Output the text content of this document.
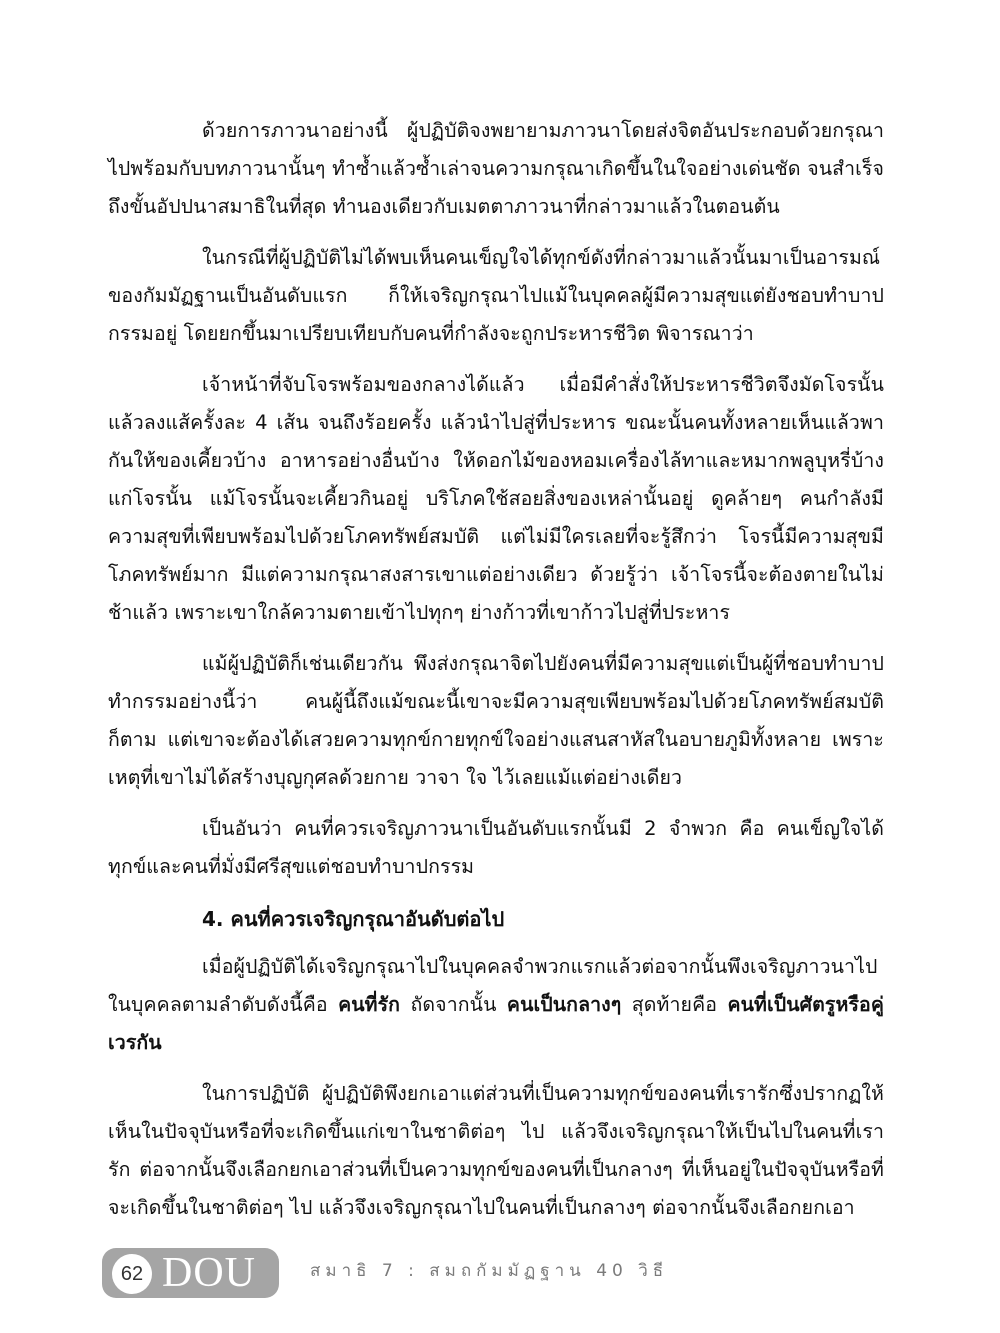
ด้วยการภาวนาอย่างนี้ ผู้ปฏิบัติจงพยายามภาวนาโดยส่งจิตอันประกอบด้วยกรุณาไปพร้อมกับบทภาวนานั้นๆ ทำซ้ำแล้วซ้ำเล่าจนความกรุณาเกิดขึ้นในใจอย่างเด่นชัด จนสำเร็จถึงขั้นอัปปนาสมาธิในที่สุด ทำนองเดียวกับเมตตาภาวนาที่กล่าวมาแล้วในตอนต้น

ในกรณีที่ผู้ปฏิบัติไม่ได้พบเห็นคนเข็ญใจได้ทุกข์ดังที่กล่าวมาแล้วนั้นมาเป็นอารมณ์ของกัมมัฏฐานเป็นอันดับแรก ก็ให้เจริญกรุณาไปแม้ในบุคคลผู้มีความสุขแต่ยังชอบทำบาปกรรมอยู่ โดยยกขึ้นมาเปรียบเทียบกับคนที่กำลังจะถูกประหารชีวิต พิจารณาว่า

เจ้าหน้าที่จับโจรพร้อมของกลางได้แล้ว เมื่อมีคำสั่งให้ประหารชีวิตจึงมัดโจรนั้นแล้วลงแส้ครั้งละ 4 เส้น จนถึงร้อยครั้ง แล้วนำไปสู่ที่ประหาร ขณะนั้นคนทั้งหลายเห็นแล้วพากันให้ของเคี้ยวบ้าง อาหารอย่างอื่นบ้าง ให้ดอกไม้ของหอมเครื่องไล้ทาและหมากพลูบุหรี่บ้างแก่โจรนั้น แม้โจรนั้นจะเคี้ยวกินอยู่ บริโภคใช้สอยสิ่งของเหล่านั้นอยู่ ดูคล้ายๆ คนกำลังมีความสุขที่เพียบพร้อมไปด้วยโภคทรัพย์สมบัติ แต่ไม่มีใครเลยที่จะรู้สึกว่า โจรนี้มีความสุขมีโภคทรัพย์มาก มีแต่ความกรุณาสงสารเขาแต่อย่างเดียว ด้วยรู้ว่า เจ้าโจรนี้จะต้องตายในไม่ช้าแล้ว เพราะเขาใกล้ความตายเข้าไปทุกๆ ย่างก้าวที่เขาก้าวไปสู่ที่ประหาร

แม้ผู้ปฏิบัติก็เช่นเดียวกัน พึงส่งกรุณาจิตไปยังคนที่มีความสุขแต่เป็นผู้ที่ชอบทำบาปทำกรรมอย่างนี้ว่า คนผู้นี้ถึงแม้ขณะนี้เขาจะมีความสุขเพียบพร้อมไปด้วยโภคทรัพย์สมบัติก็ตาม แต่เขาจะต้องได้เสวยความทุกข์กายทุกข์ใจอย่างแสนสาหัสในอบายภูมิทั้งหลาย เพราะเหตุที่เขาไม่ได้สร้างบุญกุศลด้วยกาย วาจา ใจ ไว้เลยแม้แต่อย่างเดียว

เป็นอันว่า คนที่ควรเจริญภาวนาเป็นอันดับแรกนั้นมี 2 จำพวก คือ คนเข็ญใจได้ทุกข์และคนที่มั่งมีศรีสุขแต่ชอบทำบาปกรรม

4. คนที่ควรเจริญกรุณาอันดับต่อไป

เมื่อผู้ปฏิบัติได้เจริญกรุณาไปในบุคคลจำพวกแรกแล้วต่อจากนั้นพึงเจริญภาวนาไปในบุคคลตามลำดับดังนี้คือ คนที่รัก ถัดจากนั้น คนเป็นกลางๆ สุดท้ายคือ คนที่เป็นศัตรูหรือคู่เวรกัน

ในการปฏิบัติ ผู้ปฏิบัติพึงยกเอาแต่ส่วนที่เป็นความทุกข์ของคนที่เรารักซึ่งปรากฏให้เห็นในปัจจุบันหรือที่จะเกิดขึ้นแก่เขาในชาติต่อๆ ไป แล้วจึงเจริญกรุณาให้เป็นไปในคนที่เรารัก ต่อจากนั้นจึงเลือกยกเอาส่วนที่เป็นความทุกข์ของคนที่เป็นกลางๆ ที่เห็นอยู่ในปัจจุบันหรือที่จะเกิดขึ้นในชาติต่อๆ ไป แล้วจึงเจริญกรุณาไปในคนที่เป็นกลางๆ ต่อจากนั้นจึงเลือกยกเอา

62 DOU	สมาธิ 7 : สมถกัมมัฏฐาน 40 วิธี
